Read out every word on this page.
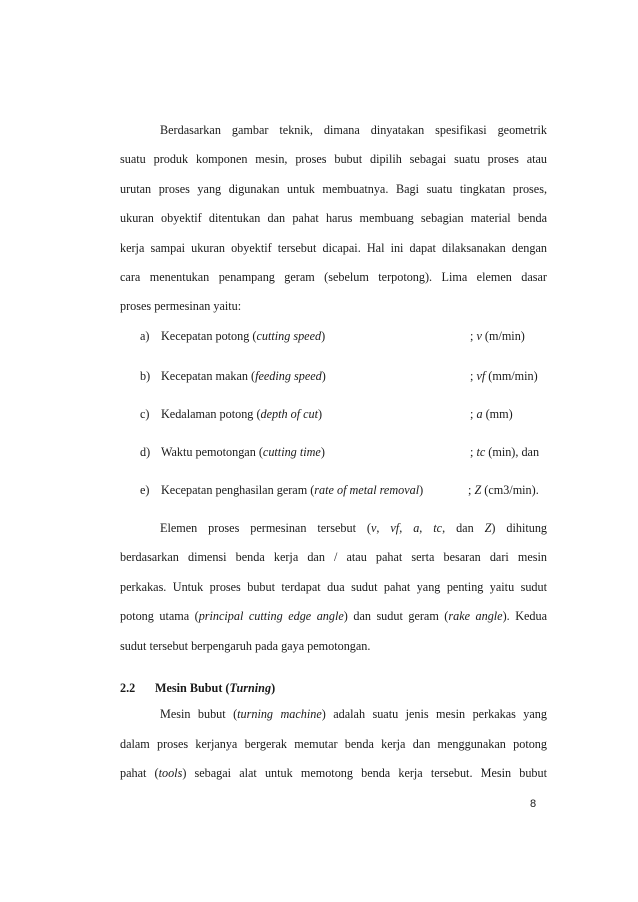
Berdasarkan gambar teknik, dimana dinyatakan spesifikasi geometrik
suatu produk komponen mesin, proses bubut dipilih sebagai suatu proses atau
urutan proses yang digunakan untuk membuatnya. Bagi suatu tingkatan proses,
ukuran obyektif ditentukan dan pahat harus membuang sebagian material benda
kerja sampai ukuran obyektif tersebut dicapai. Hal ini dapat dilaksanakan dengan
cara menentukan penampang geram (sebelum terpotong). Lima elemen dasar
proses permesinan yaitu:
a) Kecepatan potong (cutting speed)	; v (m/min)
b) Kecepatan makan (feeding speed)	; vf (mm/min)
c) Kedalaman potong (depth of cut)	; a (mm)
d) Waktu pemotongan (cutting time)	; tc (min), dan
e) Kecepatan penghasilan geram (rate of metal removal)	; Z (cm3/min).
Elemen proses permesinan tersebut (v, vf, a, tc, dan Z) dihitung
berdasarkan dimensi benda kerja dan / atau pahat serta besaran dari mesin
perkakas. Untuk proses bubut terdapat dua sudut pahat yang penting yaitu sudut
potong utama (principal cutting edge angle) dan sudut geram (rake angle). Kedua
sudut tersebut berpengaruh pada gaya pemotongan.
2.2 Mesin Bubut (Turning)
Mesin bubut (turning machine) adalah suatu jenis mesin perkakas yang
dalam proses kerjanya bergerak memutar benda kerja dan menggunakan potong
pahat (tools) sebagai alat untuk memotong benda kerja tersebut. Mesin bubut
8
